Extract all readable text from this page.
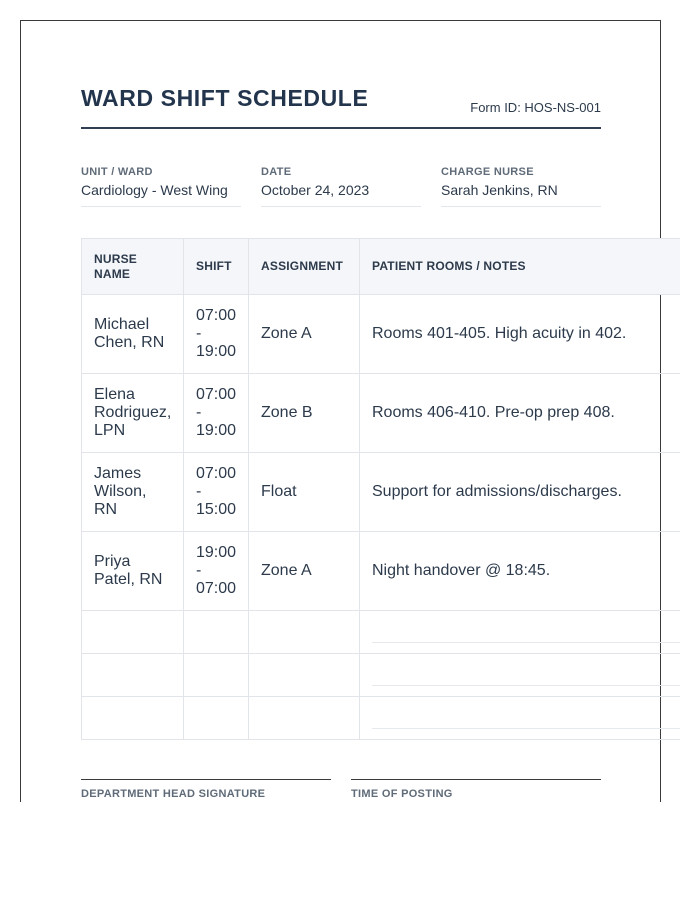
WARD SHIFT SCHEDULE	Form ID: HOS-NS-001
UNIT / WARD
Cardiology - West Wing
DATE
October 24, 2023
CHARGE NURSE
Sarah Jenkins, RN
NURSE NAME	SHIFT	ASSIGNMENT	PATIENT ROOMS / NOTES
Michael Chen, RN	07:00
-
19:00	Zone A	Rooms 401-405. High acuity in 402.
Elena Rodriguez, LPN	07:00
-
19:00	Zone B	Rooms 406-410. Pre-op prep 408.
James Wilson, RN	07:00
-
15:00	Float	Support for admissions/discharges.
Priya Patel, RN	19:00
-
07:00	Zone A	Night handover @ 18:45.

DEPARTMENT HEAD SIGNATURE	TIME OF POSTING
